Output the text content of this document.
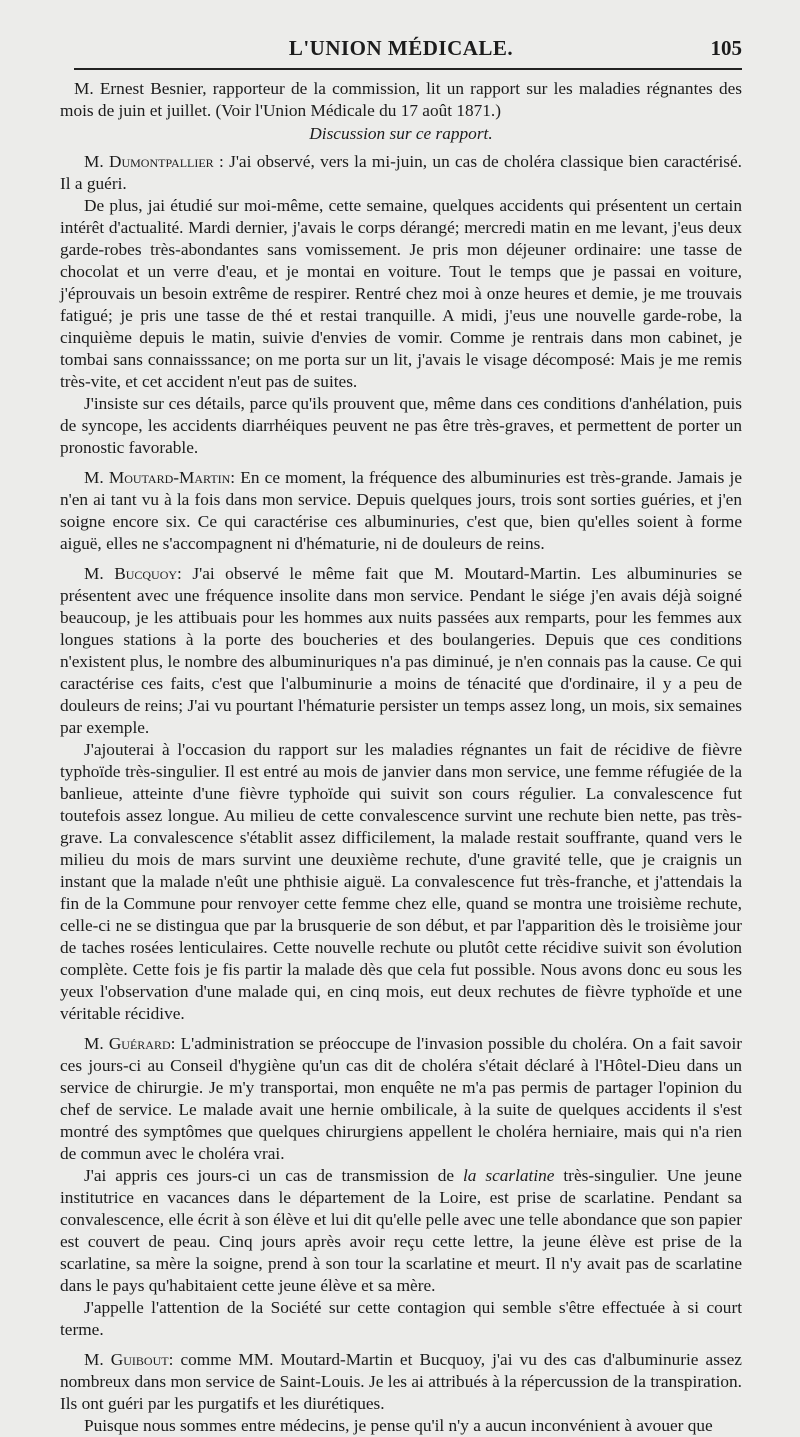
L'UNION MÉDICALE.	105

M. Ernest Besnier, rapporteur de la commission, lit un rapport sur les maladies régnantes des mois de juin et juillet. (Voir l'Union Médicale du 17 août 1871.)

Discussion sur ce rapport.

M. Dumontpallier : J'ai observé, vers la mi-juin, un cas de choléra classique bien caractérisé. Il a guéri.

De plus, jai étudié sur moi-même, cette semaine, quelques accidents qui présentent un certain intérêt d'actualité. Mardi dernier, j'avais le corps dérangé; mercredi matin en me levant, j'eus deux garde-robes très-abondantes sans vomissement. Je pris mon déjeuner ordinaire: une tasse de chocolat et un verre d'eau, et je montai en voiture. Tout le temps que je passai en voiture, j'éprouvais un besoin extrême de respirer. Rentré chez moi à onze heures et demie, je me trouvais fatigué; je pris une tasse de thé et restai tranquille. A midi, j'eus une nouvelle garde-robe, la cinquième depuis le matin, suivie d'envies de vomir. Comme je rentrais dans mon cabinet, je tombai sans connaisssance; on me porta sur un lit, j'avais le visage décomposé: Mais je me remis très-vite, et cet accident n'eut pas de suites.

J'insiste sur ces détails, parce qu'ils prouvent que, même dans ces conditions d'anhélation, puis de syncope, les accidents diarrhéiques peuvent ne pas être très-graves, et permettent de porter un pronostic favorable.

M. Moutard-Martin: En ce moment, la fréquence des albuminuries est très-grande. Jamais je n'en ai tant vu à la fois dans mon service. Depuis quelques jours, trois sont sorties guéries, et j'en soigne encore six. Ce qui caractérise ces albuminuries, c'est que, bien qu'elles soient à forme aiguë, elles ne s'accompagnent ni d'hématurie, ni de douleurs de reins.

M. Bucquoy: J'ai observé le même fait que M. Moutard-Martin. Les albuminuries se présentent avec une fréquence insolite dans mon service. Pendant le siége j'en avais déjà soigné beaucoup, je les attibuais pour les hommes aux nuits passées aux remparts, pour les femmes aux longues stations à la porte des boucheries et des boulangeries. Depuis que ces conditions n'existent plus, le nombre des albuminuriques n'a pas diminué, je n'en connais pas la cause. Ce qui caractérise ces faits, c'est que l'albuminurie a moins de ténacité que d'ordinaire, il y a peu de douleurs de reins; J'ai vu pourtant l'hématurie persister un temps assez long, un mois, six semaines par exemple.

J'ajouterai à l'occasion du rapport sur les maladies régnantes un fait de récidive de fièvre typhoïde très-singulier. Il est entré au mois de janvier dans mon service, une femme réfugiée de la banlieue, atteinte d'une fièvre typhoïde qui suivit son cours régulier. La convalescence fut toutefois assez longue. Au milieu de cette convalescence survint une rechute bien nette, pas très-grave. La convalescence s'établit assez difficilement, la malade restait souffrante, quand vers le milieu du mois de mars survint une deuxième rechute, d'une gravité telle, que je craignis un instant que la malade n'eût une phthisie aiguë. La convalescence fut très-franche, et j'attendais la fin de la Commune pour renvoyer cette femme chez elle, quand se montra une troisième rechute, celle-ci ne se distingua que par la brusquerie de son début, et par l'apparition dès le troisième jour de taches rosées lenticulaires. Cette nouvelle rechute ou plutôt cette récidive suivit son évolution complète. Cette fois je fis partir la malade dès que cela fut possible. Nous avons donc eu sous les yeux l'observation d'une malade qui, en cinq mois, eut deux rechutes de fièvre typhoïde et une véritable récidive.

M. Guérard: L'administration se préoccupe de l'invasion possible du choléra. On a fait savoir ces jours-ci au Conseil d'hygiène qu'un cas dit de choléra s'était déclaré à l'Hôtel-Dieu dans un service de chirurgie. Je m'y transportai, mon enquête ne m'a pas permis de partager l'opinion du chef de service. Le malade avait une hernie ombilicale, à la suite de quelques accidents il s'est montré des symptômes que quelques chirurgiens appellent le choléra herniaire, mais qui n'a rien de commun avec le choléra vrai.

J'ai appris ces jours-ci un cas de transmission de la scarlatine très-singulier. Une jeune institutrice en vacances dans le département de la Loire, est prise de scarlatine. Pendant sa convalescence, elle écrit à son élève et lui dit qu'elle pelle avec une telle abondance que son papier est couvert de peau. Cinq jours après avoir reçu cette lettre, la jeune élève est prise de la scarlatine, sa mère la soigne, prend à son tour la scarlatine et meurt. Il n'y avait pas de scarlatine dans le pays qu'habitaient cette jeune élève et sa mère.

J'appelle l'attention de la Société sur cette contagion qui semble s'être effectuée à si court terme.

M. Guibout: comme MM. Moutard-Martin et Bucquoy, j'ai vu des cas d'albuminurie assez nombreux dans mon service de Saint-Louis. Je les ai attribués à la répercussion de la transpiration. Ils ont guéri par les purgatifs et les diurétiques.

Puisque nous sommes entre médecins, je pense qu'il n'y a aucun inconvénient à avouer que
